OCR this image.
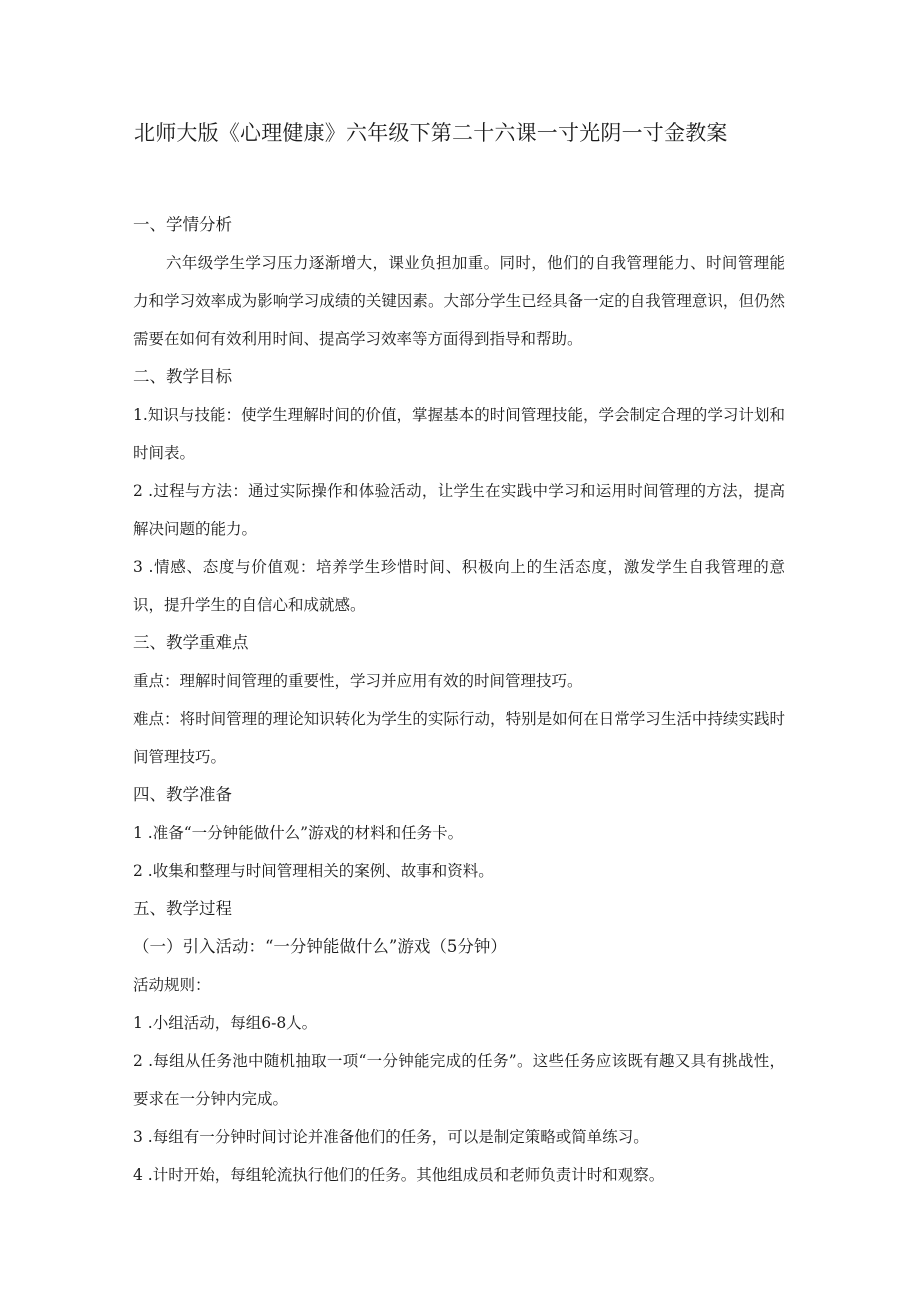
北师大版《心理健康》六年级下第二十六课一寸光阴一寸金教案

一、学情分析

六年级学生学习压力逐渐增大，课业负担加重。同时，他们的自我管理能力、时间管理能力和学习效率成为影响学习成绩的关键因素。大部分学生已经具备一定的自我管理意识，但仍然需要在如何有效利用时间、提高学习效率等方面得到指导和帮助。

二、教学目标

1.知识与技能：使学生理解时间的价值，掌握基本的时间管理技能，学会制定合理的学习计划和时间表。

2 .过程与方法：通过实际操作和体验活动，让学生在实践中学习和运用时间管理的方法，提高解决问题的能力。

3 .情感、态度与价值观：培养学生珍惜时间、积极向上的生活态度，激发学生自我管理的意识，提升学生的自信心和成就感。

三、教学重难点

重点：理解时间管理的重要性，学习并应用有效的时间管理技巧。

难点：将时间管理的理论知识转化为学生的实际行动，特别是如何在日常学习生活中持续实践时间管理技巧。

四、教学准备

1 .准备“一分钟能做什么”游戏的材料和任务卡。

2 .收集和整理与时间管理相关的案例、故事和资料。

五、教学过程

（一）引入活动：“一分钟能做什么”游戏（5分钟）

活动规则：

1 .小组活动，每组6-8人。

2 .每组从任务池中随机抽取一项“一分钟能完成的任务”。这些任务应该既有趣又具有挑战性，要求在一分钟内完成。

3 .每组有一分钟时间讨论并准备他们的任务，可以是制定策略或简单练习。

4 .计时开始，每组轮流执行他们的任务。其他组成员和老师负责计时和观察。
